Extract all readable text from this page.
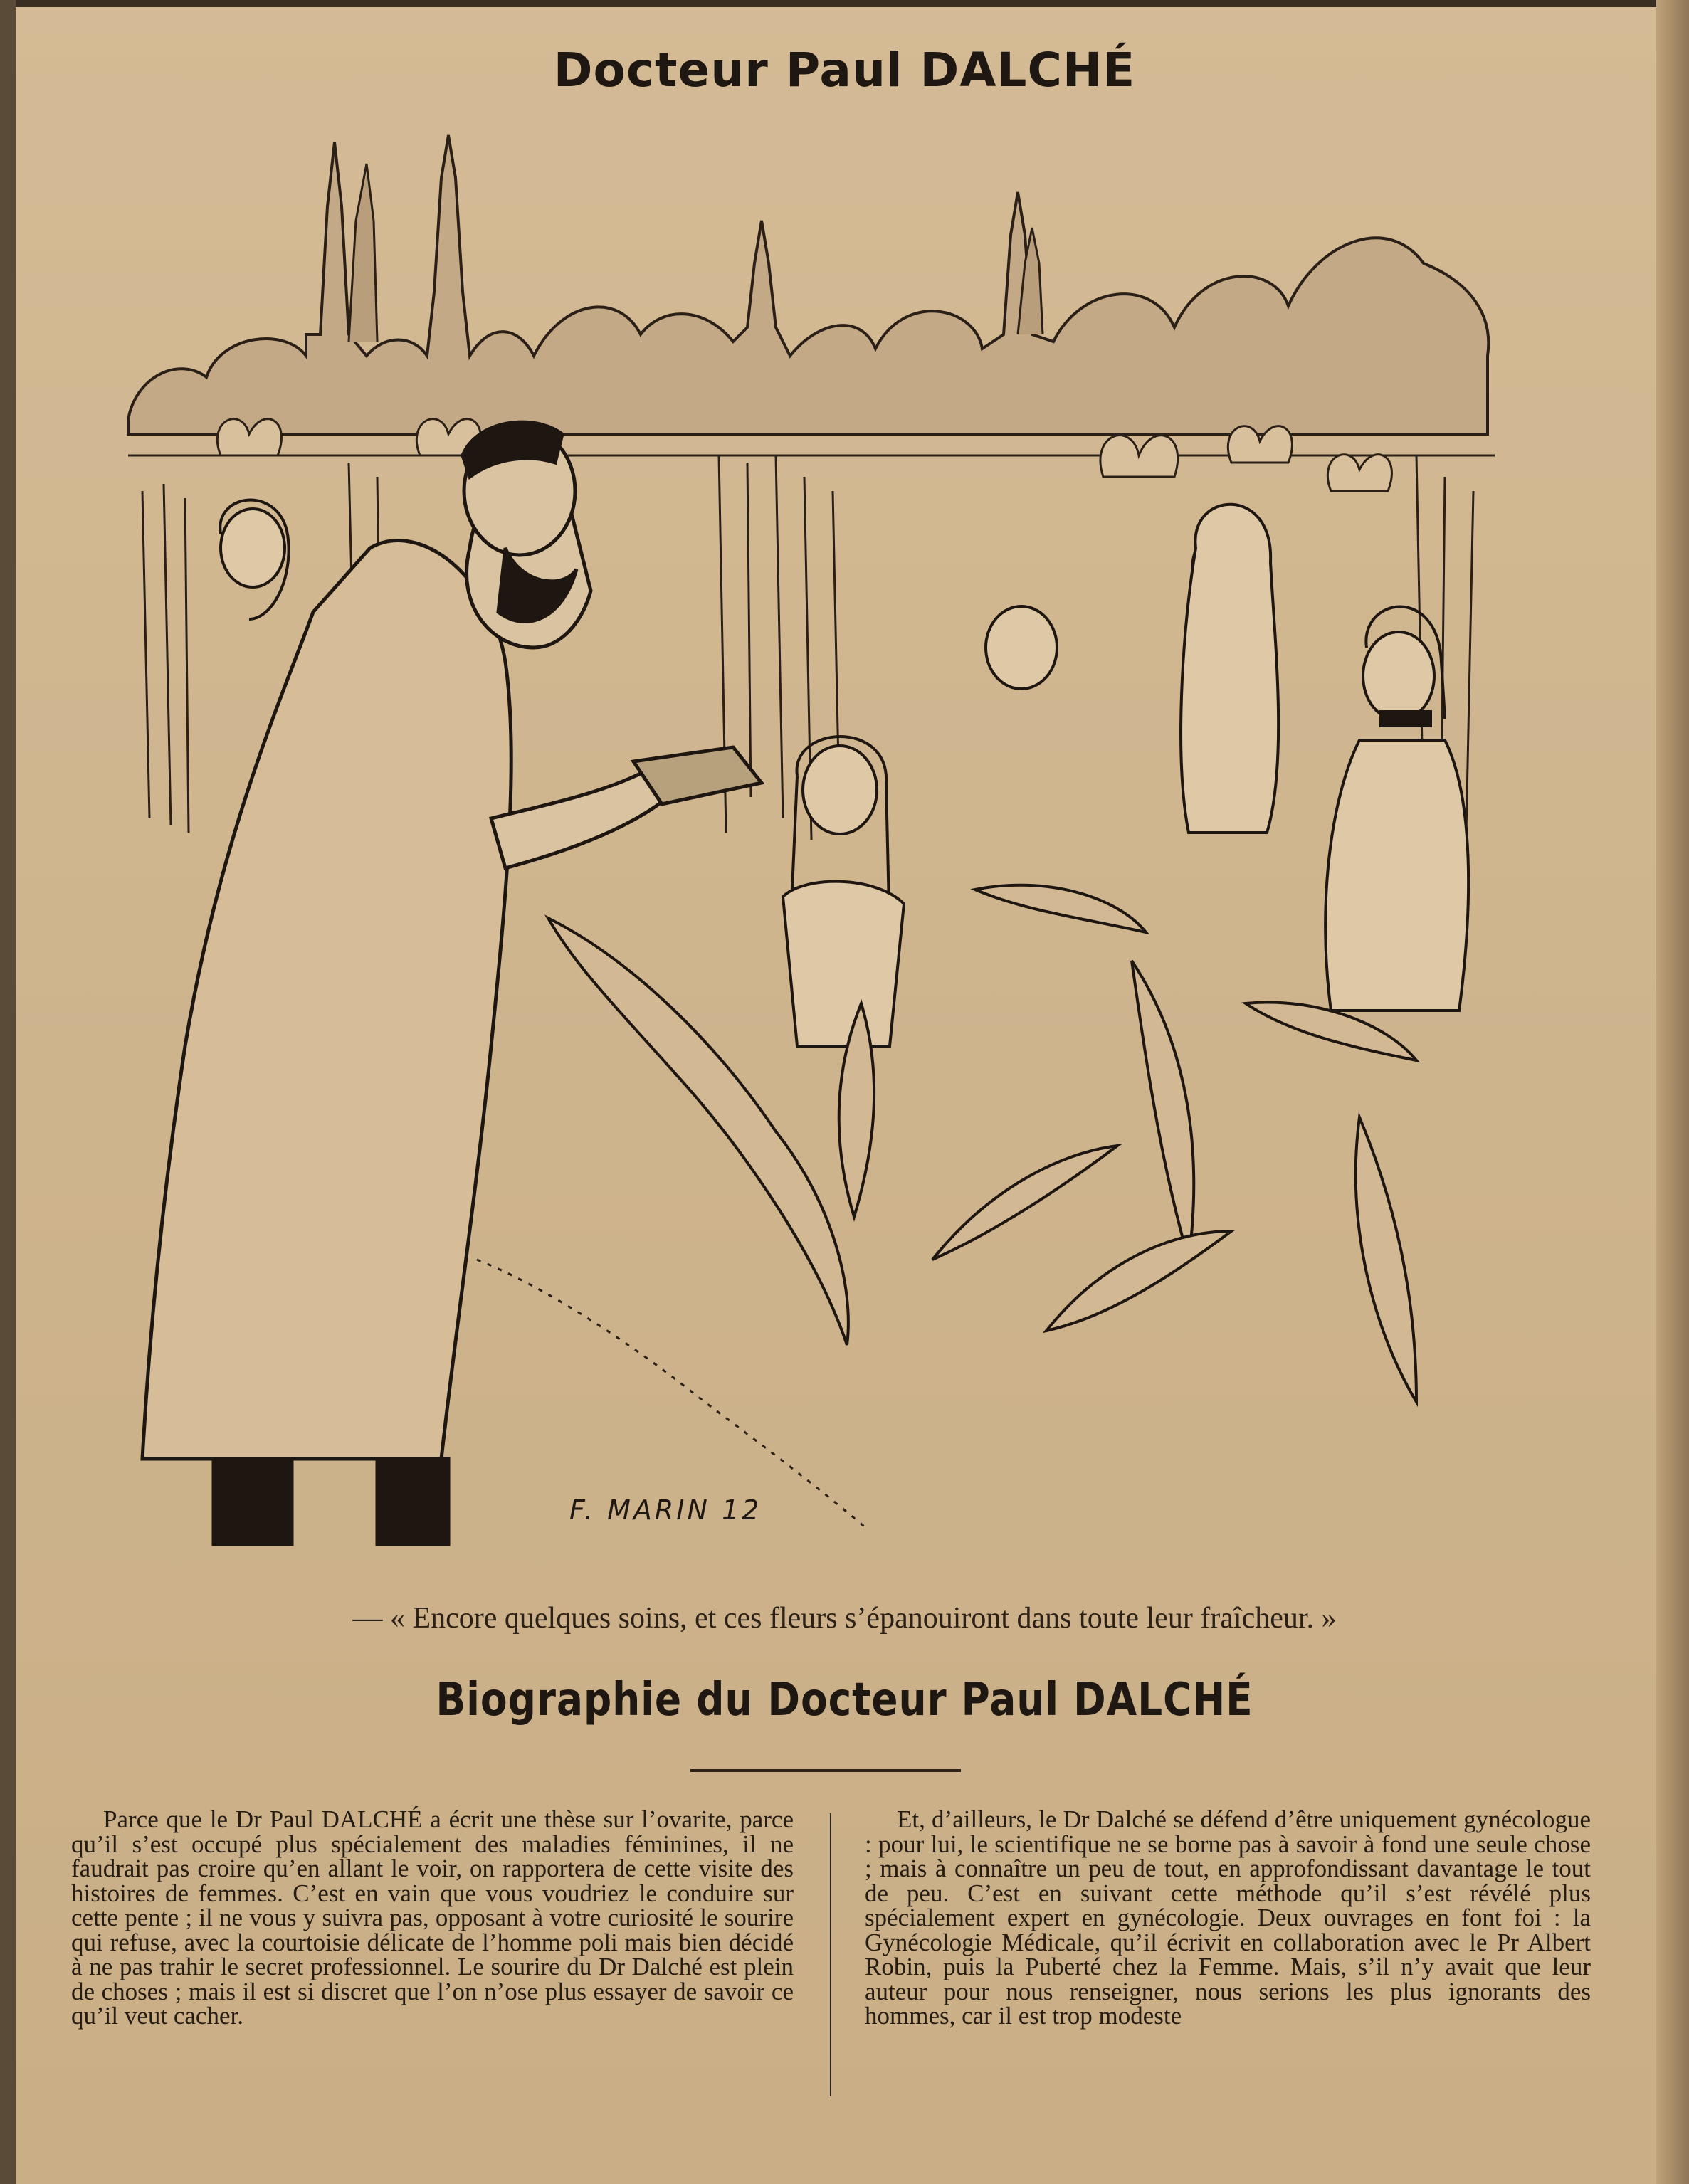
Docteur Paul DALCHÉ
F. MARIN 12
— « Encore quelques soins, et ces fleurs s’épanouiront dans toute leur fraîcheur. »
Biographie du Docteur Paul DALCHÉ

Parce que le Dr Paul DALCHÉ a écrit une thèse sur l’ovarite, parce qu’il s’est occupé plus spécialement des maladies féminines, il ne faudrait pas croire qu’en allant le voir, on rapportera de cette visite des histoires de femmes. C’est en vain que vous voudriez le conduire sur cette pente ; il ne vous y suivra pas, opposant à votre curiosité le sourire qui refuse, avec la courtoisie délicate de l’homme poli mais bien décidé à ne pas trahir le secret professionnel. Le sourire du Dr Dalché est plein de choses ; mais il est si discret que l’on n’ose plus essayer de savoir ce qu’il veut cacher.

Et, d’ailleurs, le Dr Dalché se défend d’être uniquement gynécologue : pour lui, le scientifique ne se borne pas à savoir à fond une seule chose ; mais à connaître un peu de tout, en approfondissant davantage le tout de peu. C’est en suivant cette méthode qu’il s’est révélé plus spécialement expert en gynécologie. Deux ouvrages en font foi : la Gynécologie Médicale, qu’il écrivit en collaboration avec le Pr Albert Robin, puis la Puberté chez la Femme. Mais, s’il n’y avait que leur auteur pour nous renseigner, nous serions les plus ignorants des hommes, car il est trop modeste
